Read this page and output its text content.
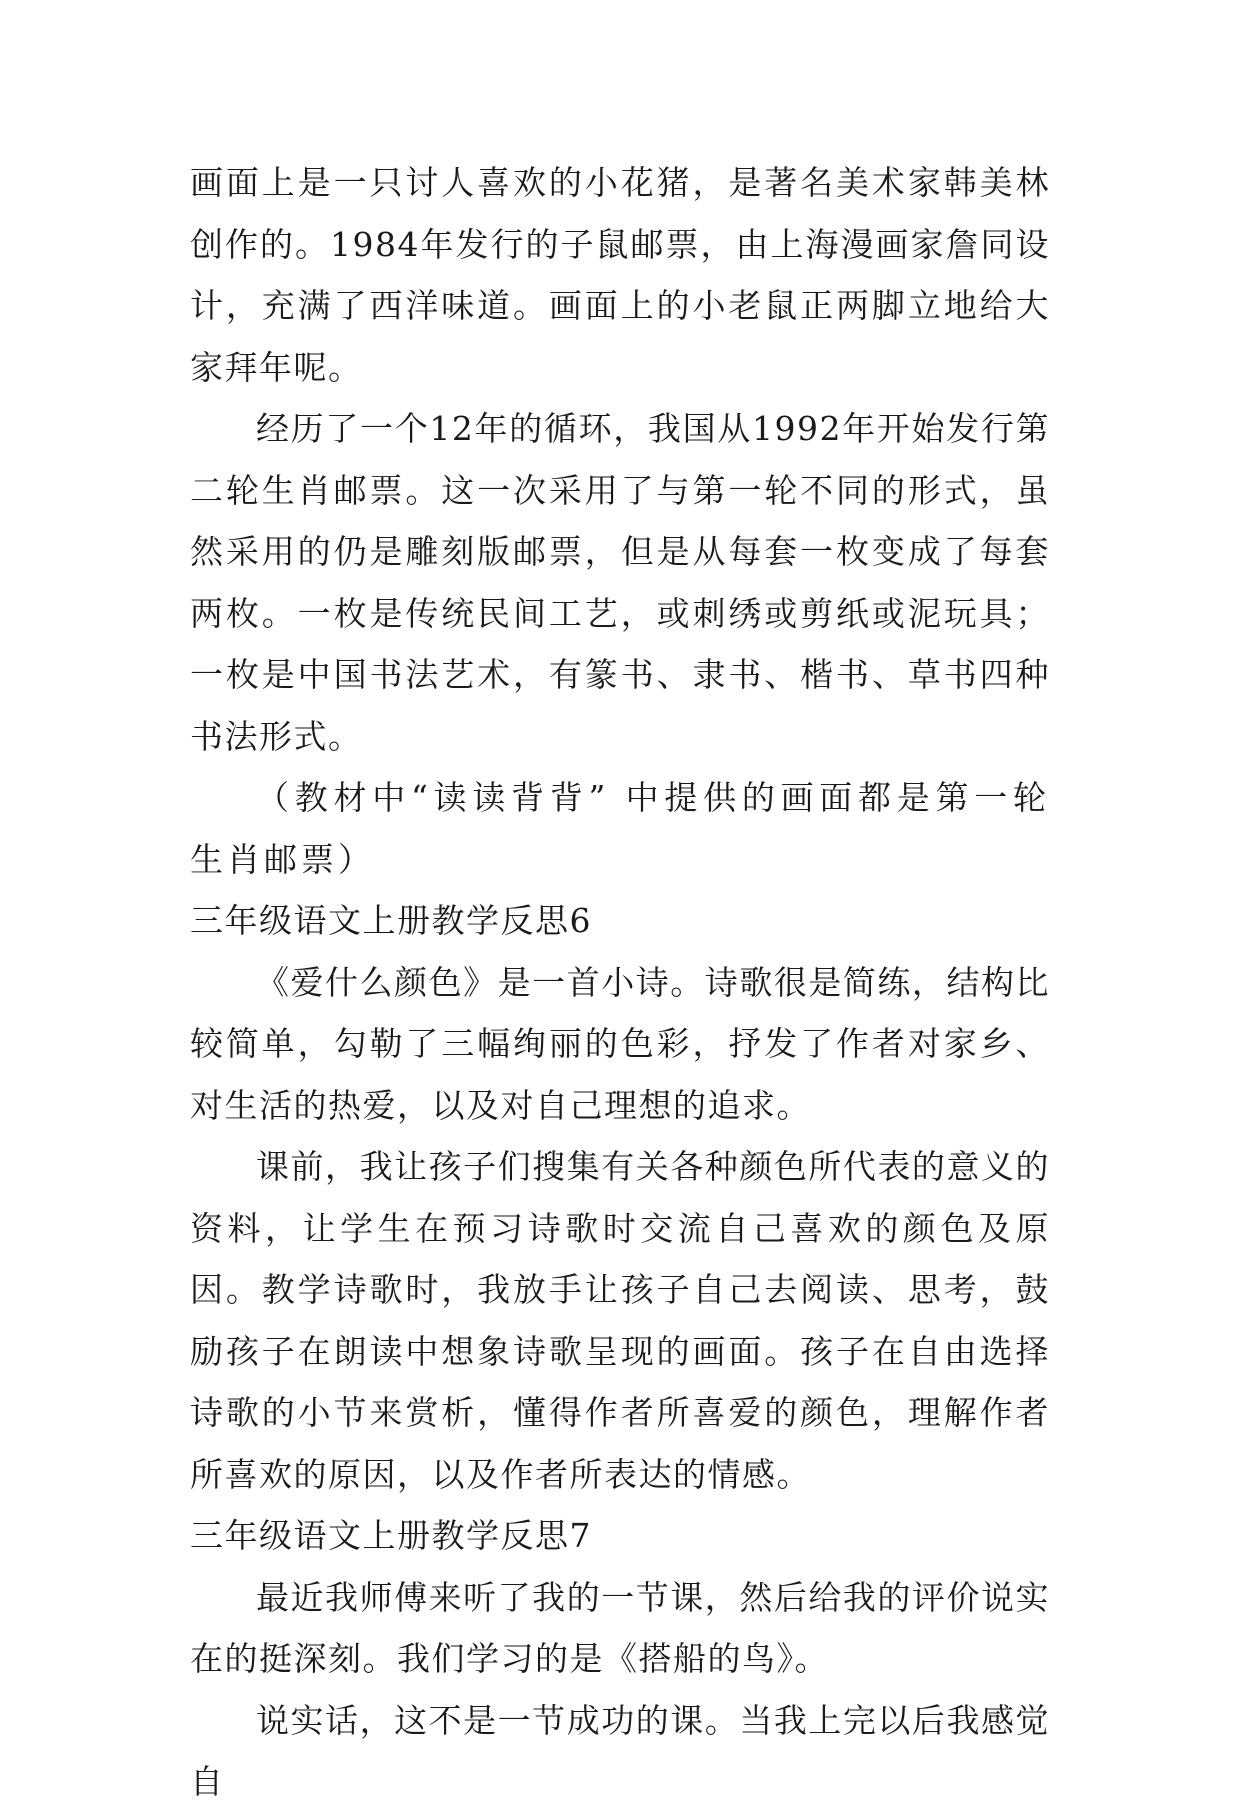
画面上是一只讨人喜欢的小花猪，是著名美术家韩美林创作的。1984年发行的子鼠邮票，由上海漫画家詹同设计，充满了西洋味道。画面上的小老鼠正两脚立地给大家拜年呢。

经历了一个12年的循环，我国从1992年开始发行第二轮生肖邮票。这一次采用了与第一轮不同的形式，虽然采用的仍是雕刻版邮票，但是从每套一枚变成了每套两枚。一枚是传统民间工艺，或刺绣或剪纸或泥玩具；一枚是中国书法艺术，有篆书、隶书、楷书、草书四种书法形式。

（教材中“读读背背” 中提供的画面都是第一轮生肖邮票）

三年级语文上册教学反思6

《爱什么颜色》是一首小诗。诗歌很是简练，结构比较简单，勾勒了三幅绚丽的色彩，抒发了作者对家乡、对生活的热爱，以及对自己理想的追求。

课前，我让孩子们搜集有关各种颜色所代表的意义的资料，让学生在预习诗歌时交流自己喜欢的颜色及原因。教学诗歌时，我放手让孩子自己去阅读、思考，鼓励孩子在朗读中想象诗歌呈现的画面。孩子在自由选择诗歌的小节来赏析，懂得作者所喜爱的颜色，理解作者所喜欢的原因，以及作者所表达的情感。

三年级语文上册教学反思7

最近我师傅来听了我的一节课，然后给我的评价说实在的挺深刻。我们学习的是《搭船的鸟》。

说实话，这不是一节成功的课。当我上完以后我感觉自
